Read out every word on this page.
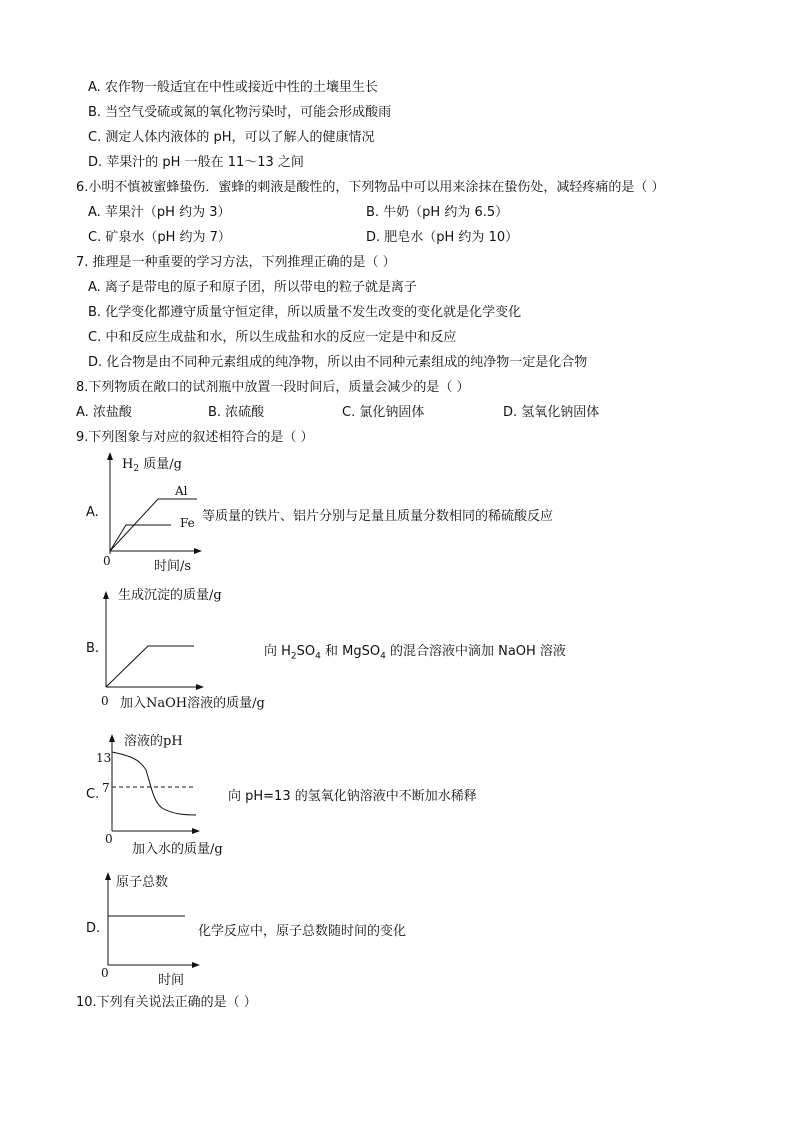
A. 农作物一般适宜在中性或接近中性的土壤里生长
B. 当空气受硫或氮的氧化物污染时，可能会形成酸雨
C. 测定人体内液体的 pH，可以了解人的健康情况
D. 苹果汁的 pH 一般在 11～13 之间
6.小明不慎被蜜蜂蛰伤．蜜蜂的刺液是酸性的，下列物品中可以用来涂抹在蛰伤处，减轻疼痛的是（ ）
A. 苹果汁（pH 约为 3）	B. 牛奶（pH 约为 6.5）
C. 矿泉水（pH 约为 7）	D. 肥皂水（pH 约为 10）
7. 推理是一种重要的学习方法，下列推理正确的是（ ）
A. 离子是带电的原子和原子团，所以带电的粒子就是离子
B. 化学变化都遵守质量守恒定律，所以质量不发生改变的变化就是化学变化
C. 中和反应生成盐和水，所以生成盐和水的反应一定是中和反应
D. 化合物是由不同种元素组成的纯净物，所以由不同种元素组成的纯净物一定是化合物
8.下列物质在敞口的试剂瓶中放置一段时间后，质量会减少的是（ ）
A. 浓盐酸	B. 浓硫酸	C. 氯化钠固体	D. 氢氧化钠固体
9.下列图象与对应的叙述相符合的是（ ）
A.
$H_2$ 质量/g
Al
Fe
0	时间/s
等质量的铁片、铝片分别与足量且质量分数相同的稀硫酸反应
B.
生成沉淀的质量/g
0 加入NaOH溶液的质量/g
向 $H_2SO_4$ 和 MgSO$_4$ 的混合溶液中滴加 NaOH 溶液
C.
溶液的pH
13
7
0
加入水的质量/g
向 pH=13 的氢氧化钠溶液中不断加水稀释
D.
原子总数
0	时间
化学反应中，原子总数随时间的变化
10.下列有关说法正确的是（ ）
